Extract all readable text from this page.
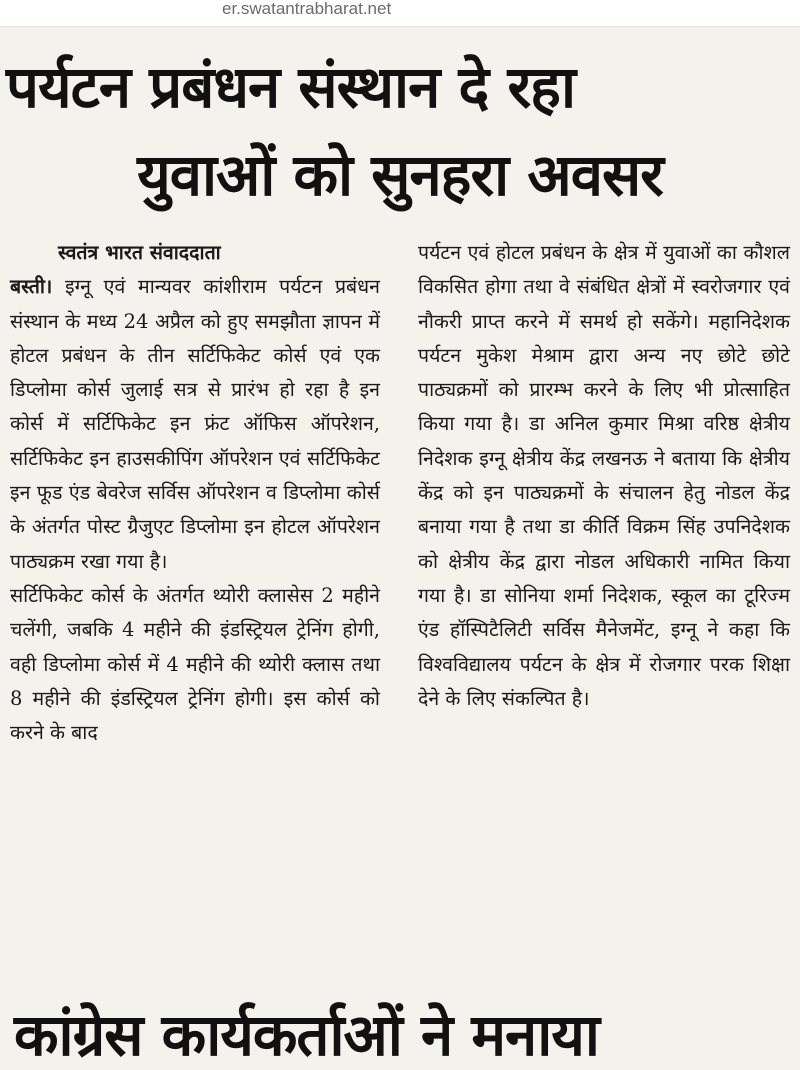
er.swatantrabharat.net
पर्यटन प्रबंधन संस्थान दे रहा
युवाओं को सुनहरा अवसर
स्वतंत्र भारत संवाददाता

बस्ती। इग्नू एवं मान्यवर कांशीराम पर्यटन प्रबंधन संस्थान के मध्य 24 अप्रैल को हुए समझौता ज्ञापन में होटल प्रबंधन के तीन सर्टिफिकेट कोर्स एवं एक डिप्लोमा कोर्स जुलाई सत्र से प्रारंभ हो रहा है इन कोर्स में सर्टिफिकेट इन फ्रंट ऑफिस ऑपरेशन, सर्टिफिकेट इन हाउसकीपिंग ऑपरेशन एवं सर्टिफिकेट इन फूड एंड बेवरेज सर्विस ऑपरेशन व डिप्लोमा कोर्स के अंतर्गत पोस्ट ग्रैजुएट डिप्लोमा इन होटल ऑपरेशन पाठ्यक्रम रखा गया है।

सर्टिफिकेट कोर्स के अंतर्गत थ्योरी क्लासेस 2 महीने चलेंगी, जबकि 4 महीने की इंडस्ट्रियल ट्रेनिंग होगी, वही डिप्लोमा कोर्स में 4 महीने की थ्योरी क्लास तथा 8 महीने की इंडस्ट्रियल ट्रेनिंग होगी। इस कोर्स को करने के बाद

पर्यटन एवं होटल प्रबंधन के क्षेत्र में युवाओं का कौशल विकसित होगा तथा वे संबंधित क्षेत्रों में स्वरोजगार एवं नौकरी प्राप्त करने में समर्थ हो सकेंगे। महानिदेशक पर्यटन मुकेश मेश्राम द्वारा अन्य नए छोटे छोटे पाठ्यक्रमों को प्रारम्भ करने के लिए भी प्रोत्साहित किया गया है। डा अनिल कुमार मिश्रा वरिष्ठ क्षेत्रीय निदेशक इग्नू क्षेत्रीय केंद्र लखनऊ ने बताया कि क्षेत्रीय केंद्र को इन पाठ्यक्रमों के संचालन हेतु नोडल केंद्र बनाया गया है तथा डा कीर्ति विक्रम सिंह उपनिदेशक को क्षेत्रीय केंद्र द्वारा नोडल अधिकारी नामित किया गया है। डा सोनिया शर्मा निदेशक, स्कूल का टूरिज्म एंड हॉस्पिटैलिटी सर्विस मैनेजमेंट, इग्नू ने कहा कि विश्वविद्यालय पर्यटन के क्षेत्र में रोजगार परक शिक्षा देने के लिए संकल्पित है।

कांग्रेस कार्यकर्ताओं ने मनाया
